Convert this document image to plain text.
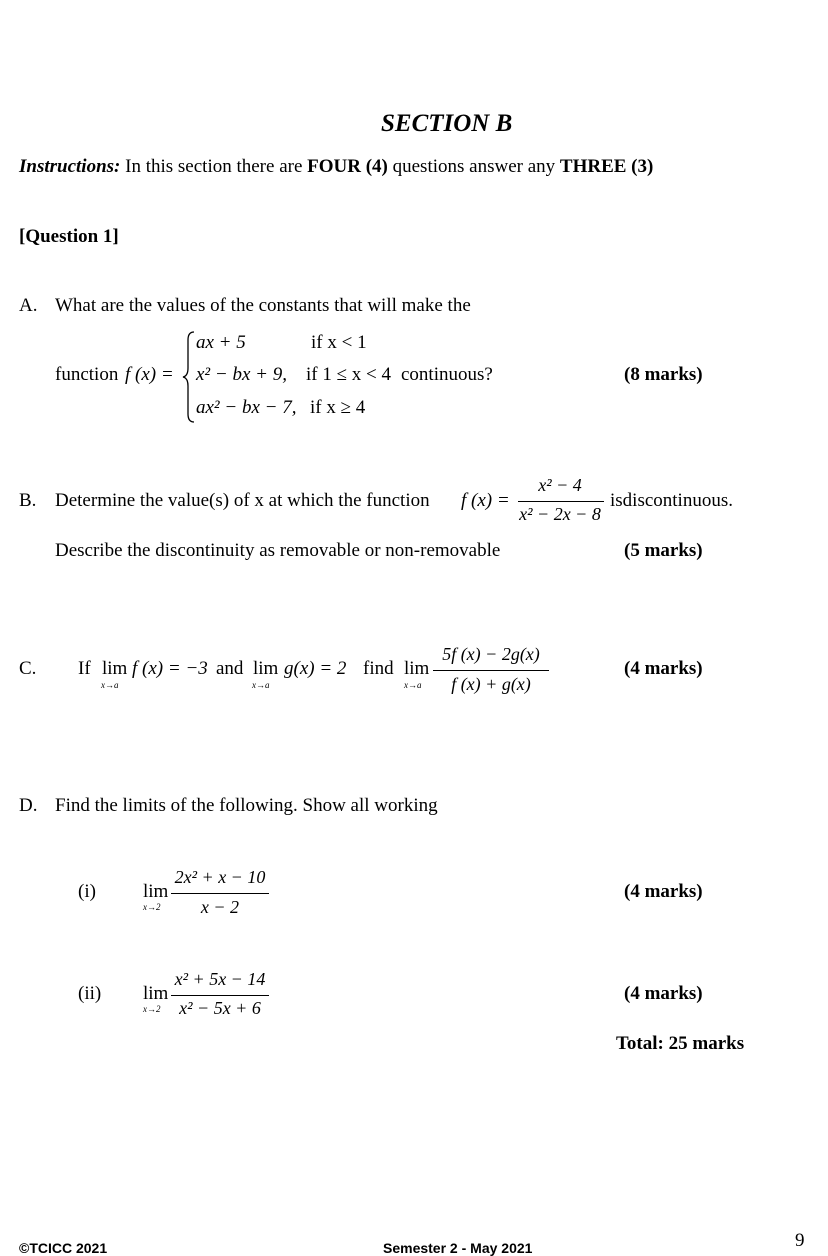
SECTION B
Instructions: In this section there are FOUR (4) questions answer any THREE (3)
[Question 1]
A. What are the values of the constants that will make the
function f (x) =
ax + 5	if x < 1
x² − bx + 9, if 1 ≤ x < 4
ax² − bx − 7, if x ≥ 4
continuous?	(8 marks)
B. Determine the value(s) of x at which the function f (x) =
x² − 4
x² − 2x − 8
isdiscontinuous.
Describe the discontinuity as removable or non-removable	(5 marks)
C. If lim
x→a
f (x) = −3 and lim
x→a
g(x) = 2 find lim
x→a
5f (x) − 2g(x)
f (x) + g(x)
(4 marks)
D. Find the limits of the following. Show all working
(i) lim
x→2
2x² + x − 10
x − 2
(4 marks)
(ii) lim
x→2
x² + 5x − 14
x² − 5x + 6
(4 marks)
Total: 25 marks
©TCICC 2021	Semester 2 - May 2021	9
